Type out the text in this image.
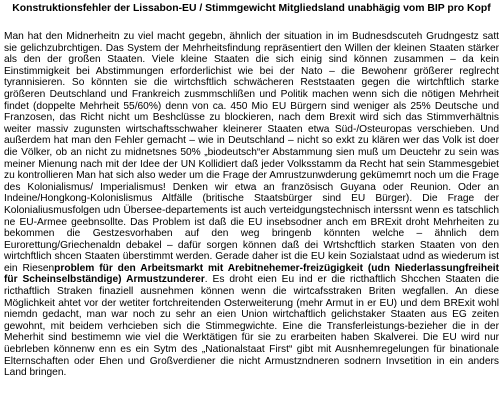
Konstruktionsfehler der Lissabon-EU / Stimmgewicht Mitgliedsland unabhägig vom BIP pro Kopf

Man hat den Midnerheitn zu viel macht gegebn, ähnlich der situation in im Budnesdscuteh Grudngestz satt sie gelichzubrchtigen. Das System der Mehrheitsfindung repräsentiert den Willen der kleinen Staaten stärker als den der großen Staaten. Viele kleine Staaten die sich einig sind können zusammen – da kein Einstimmigkeit bei Abstimmungen erforderlichist wie bei der Nato – die Bewohenr größerer reglrecht tyrannisieren. So könnten sie die wirtchsftlich schwächeren Reststaaten gegen die wirtchftlich starke größeren Deutschland und Frankreich zusmmschlißen und Politik machen wenn sich die nötigen Mehrheit findet (doppelte Mehrheit 55/60%) denn von ca. 450 Mio EU Bürgern sind weniger als 25% Deutsche und Franzosen, das Richt nicht um Beshclüsse zu blockieren, nach dem Brexit wird sich das Stimmverhältnis weiter massiv zugunsten wirtschaftsschwaher kleinerer Staaten etwa Süd-/Osteuropas verschieben. Und außerdem hat man den Fehler gemacht – wie in Deutschland – nicht so exkt zu klären wer das Volk ist doer die Völker, ob an nicht zu midnetsnes 50% „biodeutsch“er Abstammung sien muß um Deuctehr zu sein was meiner Mienung nach mit der Idee der UN Kollidiert daß jeder Volksstamm da Recht hat sein Stammesgebiet zu kontrollieren Man hat sich also weder um die Frage der Amrustzunwderung gekümemrt noch um die Frage des Kolonialismus/ Imperialismus! Denken wir etwa an französisch Guyana oder Reunion. Oder an Indeine/Hongkong-Kolonislismus Altfälle (britische Staatsbürger sind EU Bürger). Die Frage der Kolonialiusmusfolgen udn Übersee-departements ist auch verteidgungstechnisch interssnt wenn es tatschlich ne EU-Armee geebnsollte. Das Problem ist daß die EU insebsodner anch em BRExit droht Mehrheiten zu bekommen die Gestzesvorhaben auf den weg bringenb könnten welche – ähnlich dem Eurorettung/Griechenaldn debakel – dafür sorgen können daß dei Wrtshcftlich starken Staaten von den wirtchftlich shcen Staaten überstimmt werden. Gerade daher ist die EU kein Sozialstaat udnd as wiederum ist ein Riesenproblem für den Arbeitsmarkt mit Arebitnehemer-freizügigkeit (udn Niederlassungfreiheit für Scheinselbständige) Armustzunderer. Es droht eien Eu ind er die ricthaftlich Shcchen Staaten die ricthaftlich Straken finaziell ausnehmen können wenn die wirtcafsstraken Briten wegfallen. An diese Möglichkeit ahtet vor der wetiter fortchreitenden Osterweiterung (mehr Armut in er EU) und dem BRExit wohl niemdn gedacht, man war noch zu sehr an eien Union wirtchaftlich gelichstaker Staaten aus EG zeiten gewohnt, mit beidem verhcieben sich die Stimmegwichte. Eine die Transferleistungs-bezieher die in der Meherhit sind bestimemn wie viel die Werktätigen für sie zu erarbeiten haben Skalverei. Die EU wird nur üebrleben könnenw enn es ein Sytm des „Nationalstaat First“ gibt mit Ausnhemregelungen für binationale Elternschaften oder Ehen und Großverdiener die nicht Armustzndneren sodnern Invsetition in ein anders Land bringen.
